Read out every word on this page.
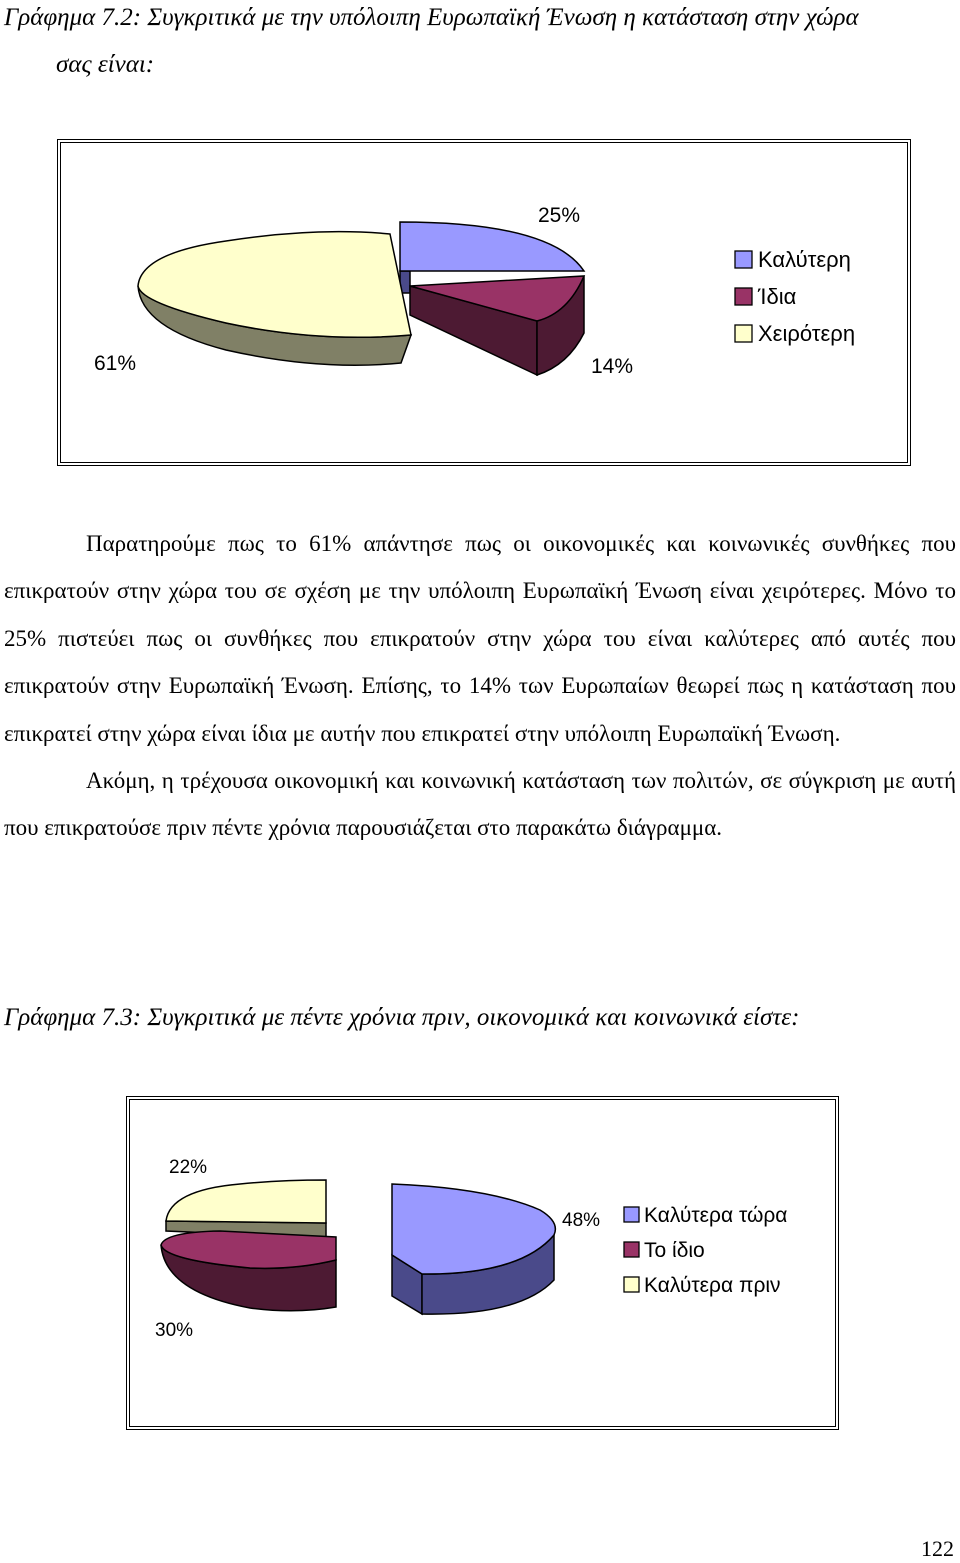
Γράφημα 7.2: Συγκριτικά με την υπόλοιπη Ευρωπαϊκή Ένωση η κατάσταση στην χώρα
σας είναι:
25%
14%
61%
Καλύτερη
Ίδια
Χειρότερη
Παρατηρούμε πως το 61% απάντησε πως οι οικονομικές και κοινωνικές συνθήκες που επικρατούν στην χώρα του σε σχέση με την υπόλοιπη Ευρωπαϊκή Ένωση είναι χειρότερες. Μόνο το 25% πιστεύει πως οι συνθήκες που επικρατούν στην χώρα του είναι καλύτερες από αυτές που επικρατούν στην Ευρωπαϊκή Ένωση. Επίσης, το 14% των Ευρωπαίων θεωρεί πως η κατάσταση που επικρατεί στην χώρα είναι ίδια με αυτήν που επικρατεί στην υπόλοιπη Ευρωπαϊκή Ένωση.
Ακόμη, η τρέχουσα οικονομική και κοινωνική κατάσταση των πολιτών, σε σύγκριση με αυτή που επικρατούσε πριν πέντε χρόνια παρουσιάζεται στο παρακάτω διάγραμμα.
Γράφημα 7.3: Συγκριτικά με πέντε χρόνια πριν, οικονομικά και κοινωνικά είστε:
48%
30%
22%
Καλύτερα τώρα
Το ίδιο
Καλύτερα πριν
122
